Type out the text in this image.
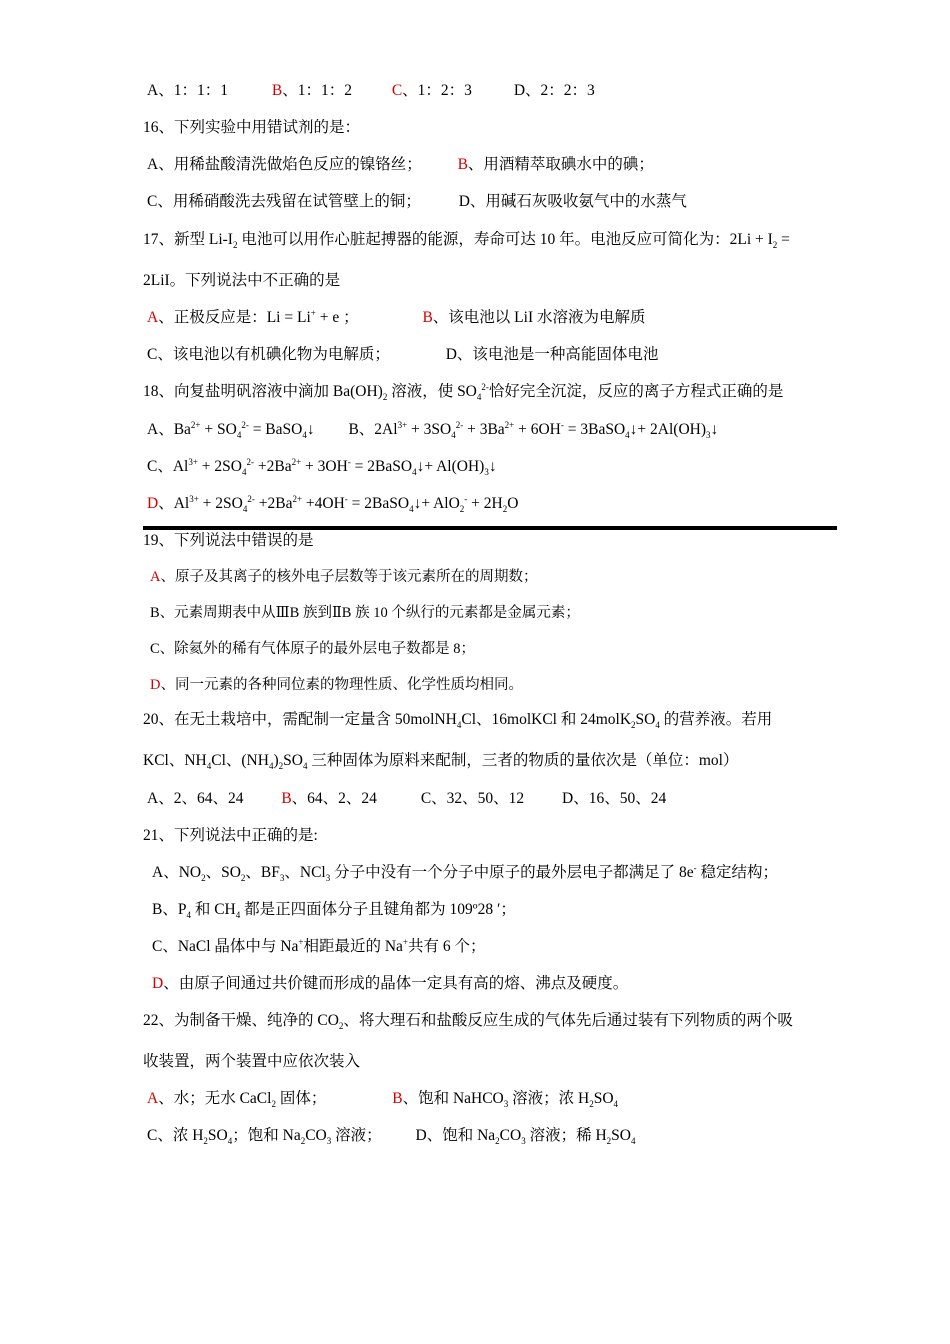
A、1：1：1	B、1：1：2	C、1：2：3	D、2：2：3
16、下列实验中用错试剂的是：
A、用稀盐酸清洗做焰色反应的镍铬丝； B、用酒精萃取碘水中的碘；
C、用稀硝酸洗去残留在试管壁上的铜； D、用碱石灰吸收氨气中的水蒸气
17、新型 $Li-I_2$ 电池可以用作心脏起搏器的能源，寿命可达 10 年。电池反应可简化为：$2Li + I_2$ =
2LiI。下列说法中不正确的是
A、正极反应是：Li = Li+ + e ；	B、该电池以 LiI 水溶液为电解质
C、该电池以有机碘化物为电解质；	D、该电池是一种高能固体电池
18、向复盐明矾溶液中滴加 $Ba(OH)_2$ 溶液，使 $SO_4^{2-}$恰好完全沉淀，反应的离子方程式正确的是
A、$Ba^{2+} + SO_4^{2-}$ = BaSO$_4$↓ B、$2Al^{3+} + 3SO_4^{2-} + 3Ba^{2+} + 6OH^-$ = 3BaSO$_4$↓+ $2Al(OH)_3↓$
C、$Al^{3+} + 2SO_4^{2-} +2Ba^{2+} + 3OH^-$ = 2BaSO$_4$↓+ $Al(OH)_3↓$
D、$Al^{3+} + 2SO_4^{2-} +2Ba^{2+} +4OH^-$ = 2BaSO$_4$↓+ $AlO_2^- + 2H_2O$
19、下列说法中错误的是
A、原子及其离子的核外电子层数等于该元素所在的周期数；
B、元素周期表中从ⅢB 族到ⅡB 族 10 个纵行的元素都是金属元素；
C、除氦外的稀有气体原子的最外层电子数都是 8；
D、同一元素的各种同位素的物理性质、化学性质均相同。
20、在无土栽培中，需配制一定量含 50molNH$_4$Cl、16molKCl 和 $24molK_2SO_4$ 的营养液。若用
KCl、$NH_4Cl$、$(NH_4)_2SO_4$ 三种固体为原料来配制，三者的物质的量依次是（单位：mol）
A、2、64、24 B、64、2、24	C、32、50、12 D、16、50、24
21、下列说法中正确的是:
A、$NO_2$、$SO_2$、$BF_3$、NCl$_3$ 分子中没有一个分子中原子的最外层电子都满足了 8e- 稳定结构；
B、$P_4$ 和 $CH_4$ 都是正四面体分子且键角都为 109º28 ′；
C、NaCl 晶体中与 Na+相距最近的 Na+共有 6 个；
D、由原子间通过共价键而形成的晶体一定具有高的熔、沸点及硬度。
22、为制备干燥、纯净的 $CO_2$、将大理石和盐酸反应生成的气体先后通过装有下列物质的两个吸
收装置，两个装置中应依次装入
A、水；无水 CaCl$_2$ 固体；	B、饱和 NaHCO$_3$ 溶液；浓 $H_2SO_4$
C、浓 $H_2SO_4$；饱和 $Na_2CO_3$ 溶液； D、饱和 $Na_2CO_3$ 溶液；稀 $H_2SO_4$
